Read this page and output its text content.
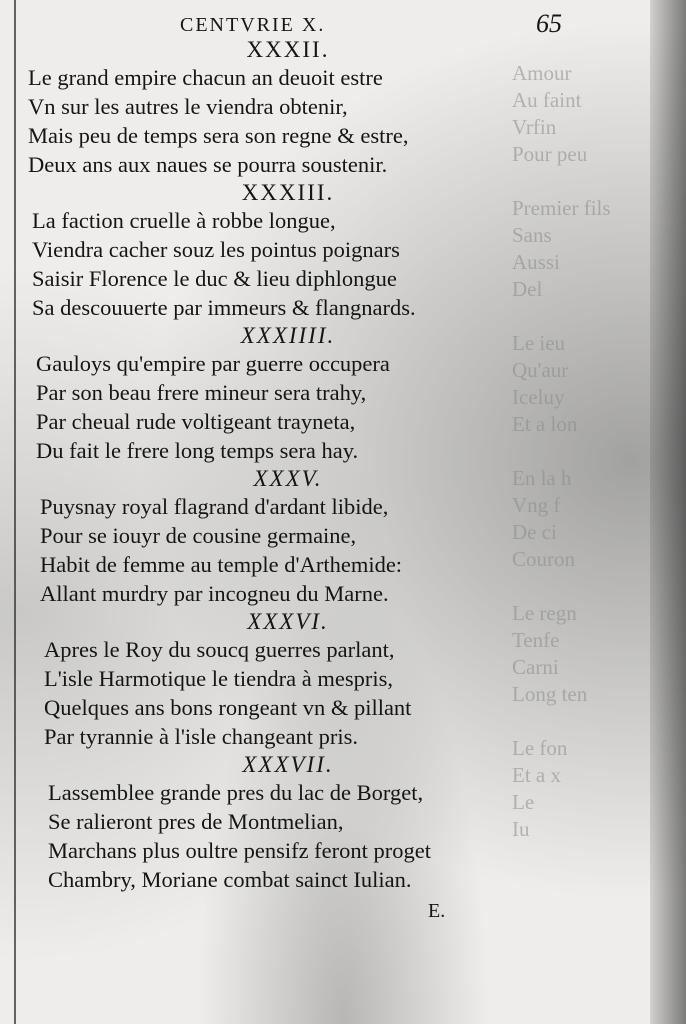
Amour
Au faint
Vrfin
Pour peu
Premier fils
Sans
Aussi
Del
Le ieu
Qu'aur
Iceluy
Et a lon
En la h
Vng f
De ci
Couron
Le regn
Tenfe
Carni
Long ten
Le fon
Et a x
Le
Iu
CENTVRIE X.	65
XXXII.
Le grand empire chacun an deuoit estre
Vn sur les autres le viendra obtenir,
Mais peu de temps sera son regne & estre,
Deux ans aux naues se pourra soustenir.
XXXIII.
La faction cruelle à robbe longue,
Viendra cacher souz les pointus poignars
Saisir Florence le duc & lieu diphlongue
Sa descouuerte par immeurs & flangnards.
XXXIIII.
Gauloys qu'empire par guerre occupera
Par son beau frere mineur sera trahy,
Par cheual rude voltigeant trayneta,
Du fait le frere long temps sera hay.
XXXV.
Puysnay royal flagrand d'ardant libide,
Pour se iouyr de cousine germaine,
Habit de femme au temple d'Arthemide:
Allant murdry par incogneu du Marne.
XXXVI.
Apres le Roy du soucq guerres parlant,
L'isle Harmotique le tiendra à mespris,
Quelques ans bons rongeant vn & pillant
Par tyrannie à l'isle changeant pris.
XXXVII.
Lassemblee grande pres du lac de Borget,
Se ralieront pres de Montmelian,
Marchans plus oultre pensifz feront proget
Chambry, Moriane combat sainct Iulian.
E.
